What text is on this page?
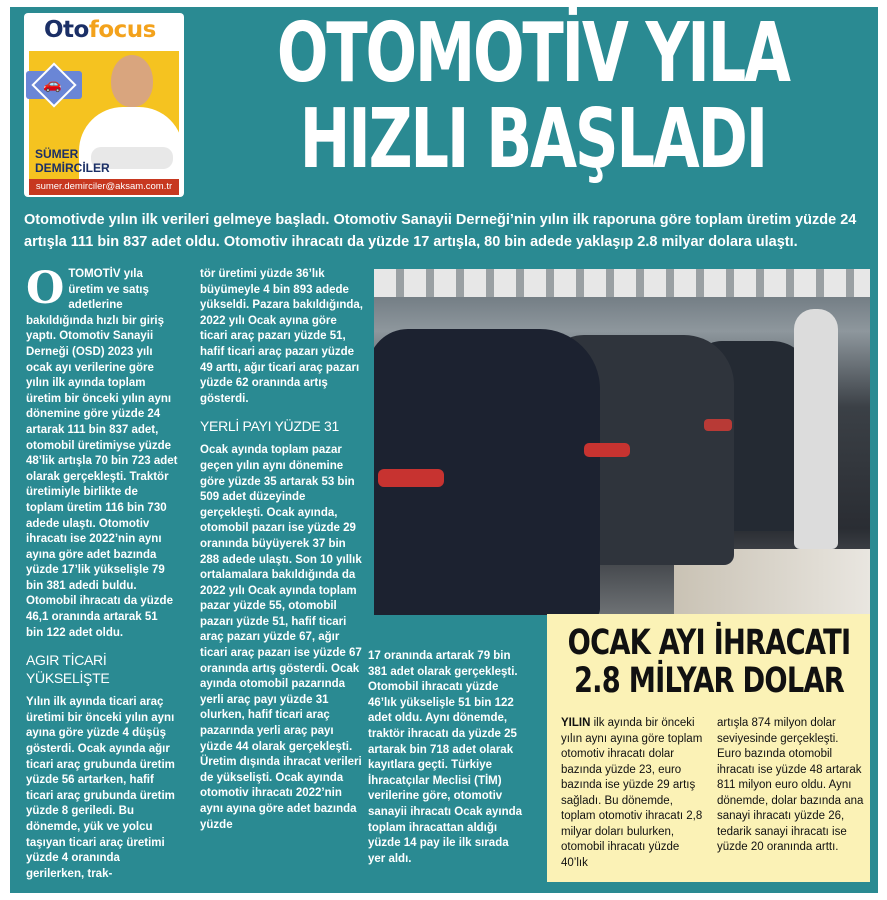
Otofocus
SÜMER DEMİRCİLER
🚗
sumer.demirciler@aksam.com.tr
OTOMOTİV YILA
HIZLI BAŞLADI
Otomotivde yılın ilk verileri gelmeye başladı. Otomotiv Sanayii Derneği’nin yılın ilk raporuna göre toplam üretim yüzde 24 artışla 111 bin 837 adet oldu. Otomotiv ihracatı da yüzde 17 artışla, 80 bin adede yaklaşıp 2.8 milyar dolara ulaştı.

OTOMOTİV yıla üretim ve satış adetlerine bakıldığında hızlı bir giriş yaptı. Otomotiv Sanayii Derneği (OSD) 2023 yılı ocak ayı verilerine göre yılın ilk ayında toplam üretim bir önceki yılın aynı dönemine göre yüzde 24 artarak 111 bin 837 adet, otomobil üretimiyse yüzde 48’lik artışla 70 bin 723 adet olarak gerçekleşti. Traktör üretimiyle birlikte de toplam üretim 116 bin 730 adede ulaştı. Otomotiv ihracatı ise 2022’nin aynı ayına göre adet bazında yüzde 17’lik yükselişle 79 bin 381 adedi buldu. Otomobil ihracatı da yüzde 46,1 oranında artarak 51 bin 122 adet oldu.

AGIR TİCARİ YÜKSELİŞTE

Yılın ilk ayında ticari araç üretimi bir önceki yılın aynı ayına göre yüzde 4 düşüş gösterdi. Ocak ayında ağır ticari araç grubunda üretim yüzde 56 artarken, hafif ticari araç grubunda üretim yüzde 8 geriledi. Bu dönemde, yük ve yolcu taşıyan ticari araç üretimi yüzde 4 oranında gerilerken, trak-

tör üretimi yüzde 36’lık büyümeyle 4 bin 893 adede yükseldi. Pazara bakıldığında, 2022 yılı Ocak ayına göre ticari araç pazarı yüzde 51, hafif ticari araç pazarı yüzde 49 arttı, ağır ticari araç pazarı yüzde 62 oranında artış gösterdi.

YERLİ PAYI YÜZDE 31

Ocak ayında toplam pazar geçen yılın aynı dönemine göre yüzde 35 artarak 53 bin 509 adet düzeyinde gerçekleşti. Ocak ayında, otomobil pazarı ise yüzde 29 oranında büyüyerek 37 bin 288 adede ulaştı. Son 10 yıllık ortalamalara bakıldığında da 2022 yılı Ocak ayında toplam pazar yüzde 55, otomobil pazarı yüzde 51, hafif ticari araç pazarı yüzde 67, ağır ticari araç pazarı ise yüzde 67 oranında artış gösterdi. Ocak ayında otomobil pazarında yerli araç payı yüzde 31 olurken, hafif ticari araç pazarında yerli araç payı yüzde 44 olarak gerçekleşti. Üretim dışında ihracat verileri de yükselişti. Ocak ayında otomotiv ihracatı 2022’nin aynı ayına göre adet bazında yüzde

17 oranında artarak 79 bin 381 adet olarak gerçekleşti. Otomobil ihracatı yüzde 46’lık yükselişle 51 bin 122 adet oldu. Aynı dönemde, traktör ihracatı da yüzde 25 artarak bin 718 adet olarak kayıtlara geçti. Türkiye İhracatçılar Meclisi (TİM) verilerine göre, otomotiv sanayii ihracatı Ocak ayında toplam ihracattan aldığı yüzde 14 pay ile ilk sırada yer aldı.

OCAK AYI İHRACATI
2.8 MİLYAR DOLAR
YILIN ilk ayında bir önceki yılın aynı ayına göre toplam otomotiv ihracatı dolar bazında yüzde 23, euro bazında ise yüzde 29 artış sağladı. Bu dönemde, toplam otomotiv ihracatı 2,8 milyar doları bulurken, otomobil ihracatı yüzde 40’lık
artışla 874 milyon dolar seviyesinde gerçekleşti. Euro bazında otomobil ihracatı ise yüzde 48 artarak 811 milyon euro oldu. Aynı dönemde, dolar bazında ana sanayi ihracatı yüzde 26, tedarik sanayi ihracatı ise yüzde 20 oranında arttı.
